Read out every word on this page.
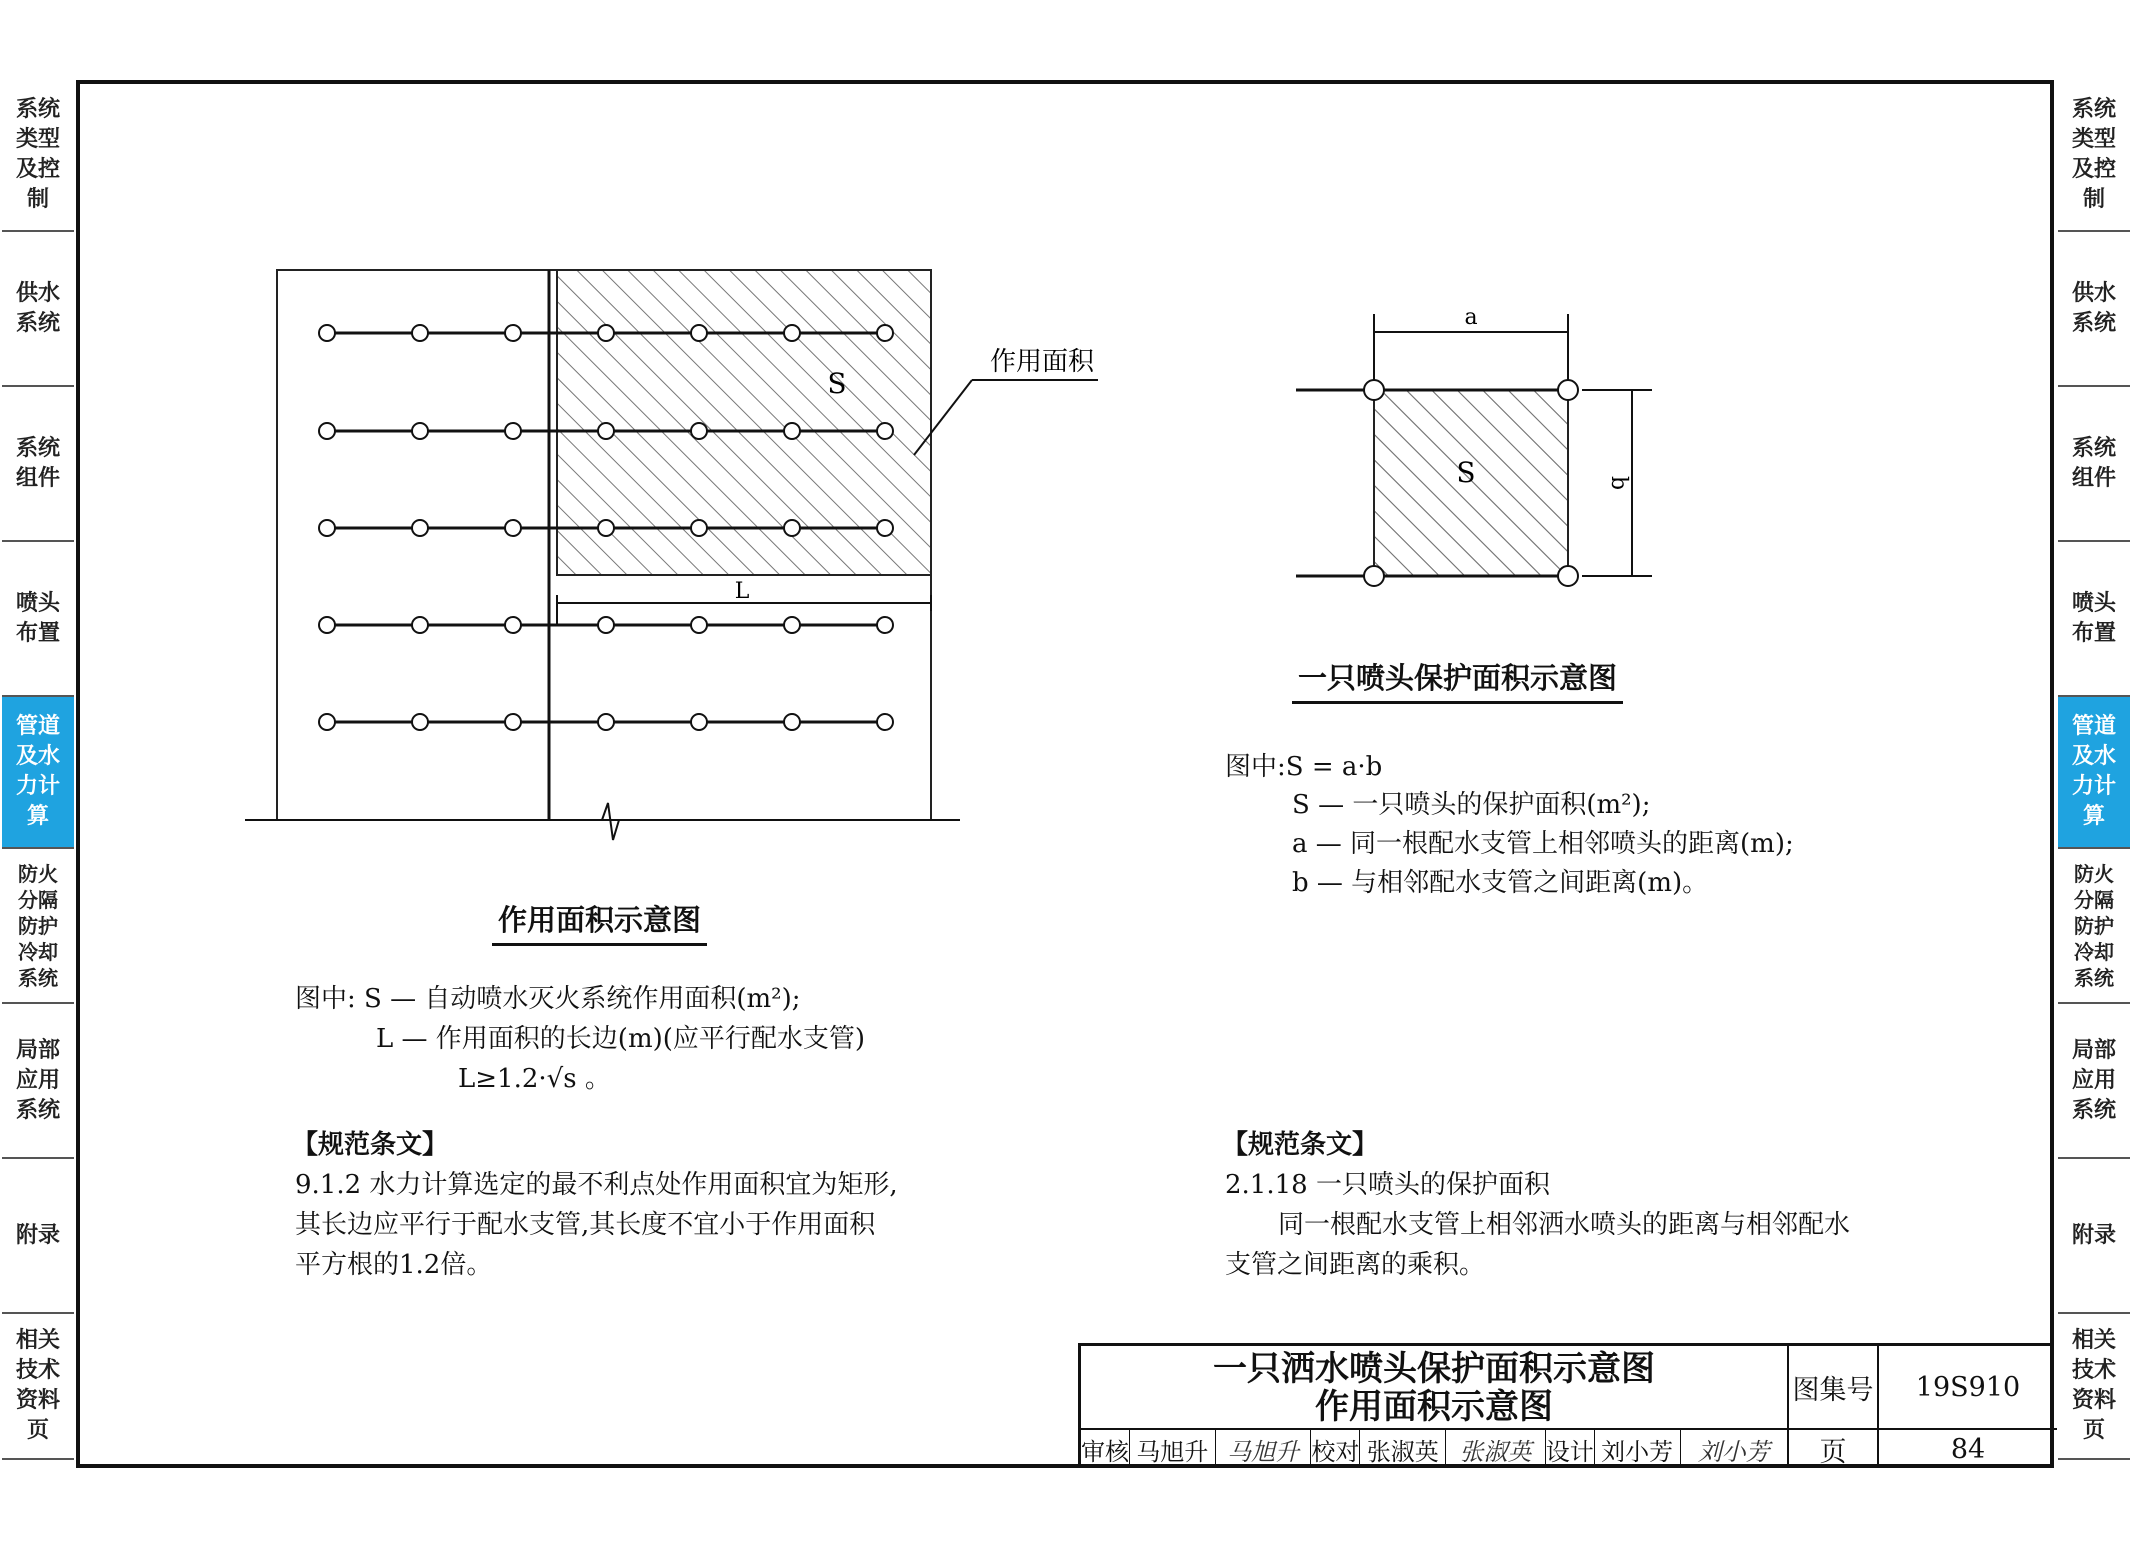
系统类型及控制
供水系统
系统组件
喷头布置
管道及水力计算
防火分隔防护冷却系统
局部应用系统
附录
相关技术资料页
系统类型及控制
供水系统
系统组件
喷头布置
管道及水力计算
防火分隔防护冷却系统
局部应用系统
附录
相关技术资料页
L
S
作用面积
作用面积示意图
图中: S — 自动喷水灭火系统作用面积(m²);
L — 作用面积的长边(m)(应平行配水支管)
L≥1.2·√s 。
【规范条文】
9.1.2 水力计算选定的最不利点处作用面积宜为矩形,
其长边应平行于配水支管,其长度不宜小于作用面积
平方根的1.2倍。
a
b
S
一只喷头保护面积示意图
图中:S = a·b
S — 一只喷头的保护面积(m²);
a — 同一根配水支管上相邻喷头的距离(m);
b — 与相邻配水支管之间距离(m)。
【规范条文】
2.1.18 一只喷头的保护面积
同一根配水支管上相邻洒水喷头的距离与相邻配水
支管之间距离的乘积。
一只洒水喷头保护面积示意图
作用面积示意图	图集号	19S910
页	84
审核 马旭升 马旭升 校对 张淑英 张淑英 设计 刘小芳	刘小芳
